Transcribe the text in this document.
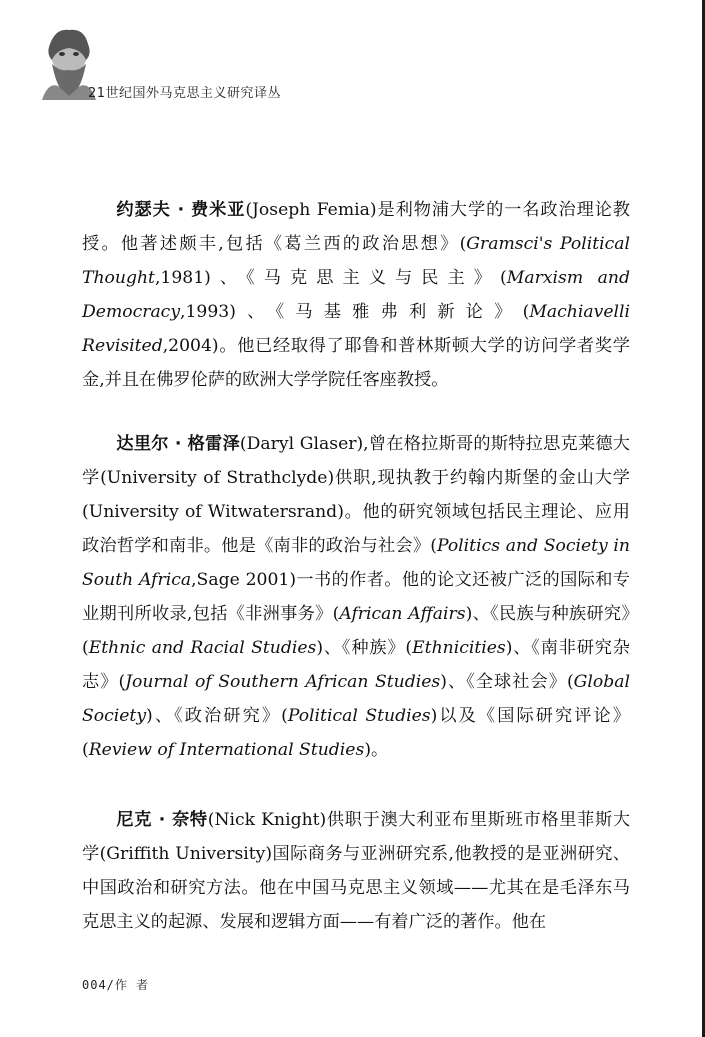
21世纪国外马克思主义研究译丛
约瑟夫 · 费米亚(Joseph Femia)是利物浦大学的一名政治理论教授。他著述颇丰,包括《葛兰西的政治思想》(Gramsci's Political Thought,1981)、《马克思主义与民主》(Marxism and Democracy,1993)、《马基雅弗利新论》(Machiavelli Revisited,2004)。他已经取得了耶鲁和普林斯顿大学的访问学者奖学金,并且在佛罗伦萨的欧洲大学学院任客座教授。
达里尔 · 格雷泽(Daryl Glaser),曾在格拉斯哥的斯特拉思克莱德大学(University of Strathclyde)供职,现执教于约翰内斯堡的金山大学(University of Witwatersrand)。他的研究领域包括民主理论、应用政治哲学和南非。他是《南非的政治与社会》(Politics and Society in South Africa,Sage 2001)一书的作者。他的论文还被广泛的国际和专业期刊所收录,包括《非洲事务》(African Affairs)、《民族与种族研究》(Ethnic and Racial Studies)、《种族》(Ethnicities)、《南非研究杂志》(Journal of Southern African Studies)、《全球社会》(Global Society)、《政治研究》(Political Studies)以及《国际研究评论》(Review of International Studies)。
尼克 · 奈特(Nick Knight)供职于澳大利亚布里斯班市格里菲斯大学(Griffith University)国际商务与亚洲研究系,他教授的是亚洲研究、中国政治和研究方法。他在中国马克思主义领域——尤其在是毛泽东马克思主义的起源、发展和逻辑方面——有着广泛的著作。他在
004/作 者
